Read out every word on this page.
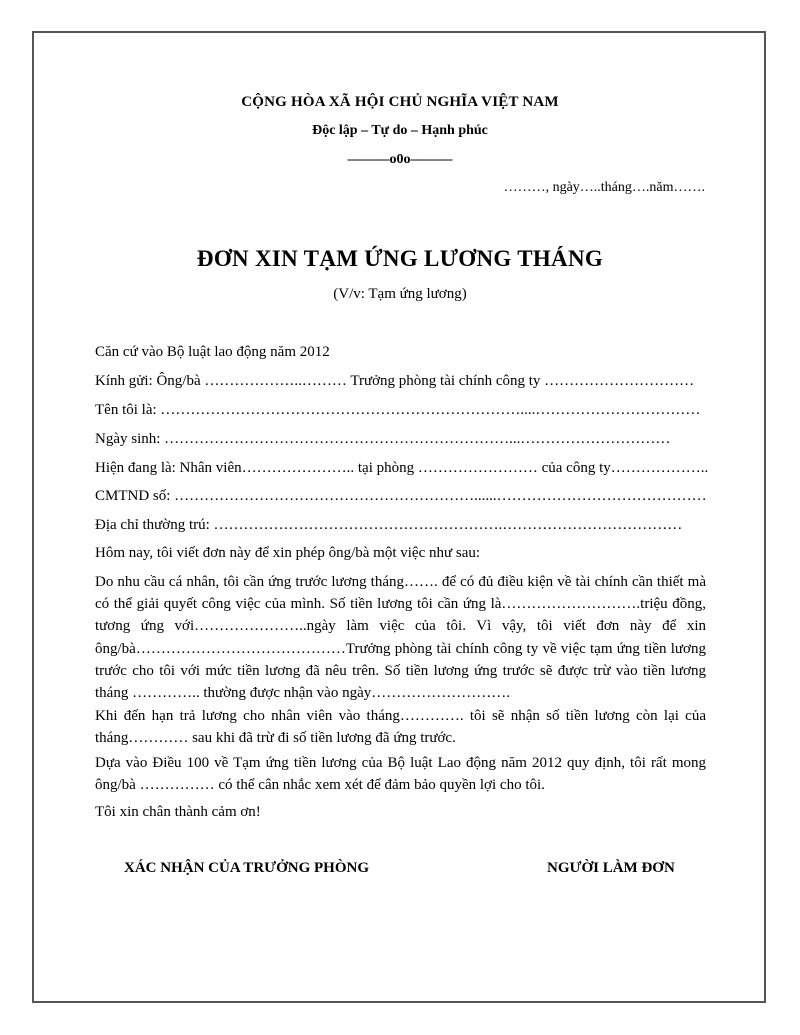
CỘNG HÒA XÃ HỘI CHỦ NGHĨA VIỆT NAM
Độc lập – Tự do – Hạnh phúc
———o0o———
………, ngày…..tháng….năm…….
ĐƠN XIN TẠM ỨNG LƯƠNG THÁNG
(V/v: Tạm ứng lương)
Căn cứ vào Bộ luật lao động năm 2012
Kính gửi: Ông/bà ………………..……… Trưởng phòng tài chính công ty …………………………
Tên tôi là: ………………………………………………………………....……………………………
Ngày sinh: ……………………………………………………………...…………………………
Hiện đang là: Nhân viên………………….. tại phòng …………………… của công ty………………..
CMTND số: ……………………………………………………......……………………………………
Địa chỉ thường trú: ………………………………………………….………………………………
Hôm nay, tôi viết đơn này để xin phép ông/bà một việc như sau:
Do nhu cầu cá nhân, tôi cần ứng trước lương tháng……. để có đủ điều kiện về tài chính cần thiết mà có thể giải quyết công việc của mình. Số tiền lương tôi cần ứng là……………………….triệu đồng, tương ứng với…………………..ngày làm việc của tôi. Vì vậy, tôi viết đơn này để xin ông/bà……………………………………Trưởng phòng tài chính công ty về việc tạm ứng tiền lương trước cho tôi với mức tiền lương đã nêu trên. Số tiền lương ứng trước sẽ được trừ vào tiền lương tháng ………….. thường được nhận vào ngày……………………….
Khi đến hạn trả lương cho nhân viên vào tháng…………. tôi sẽ nhận số tiền lương còn lại của tháng………… sau khi đã trừ đi số tiền lương đã ứng trước.
Dựa vào Điều 100 về Tạm ứng tiền lương của Bộ luật Lao động năm 2012 quy định, tôi rất mong ông/bà …………… có thể cân nhắc xem xét để đảm bảo quyền lợi cho tôi.
Tôi xin chân thành cảm ơn!
XÁC NHẬN CỦA TRƯỞNG PHÒNG	NGƯỜI LÀM ĐƠN
